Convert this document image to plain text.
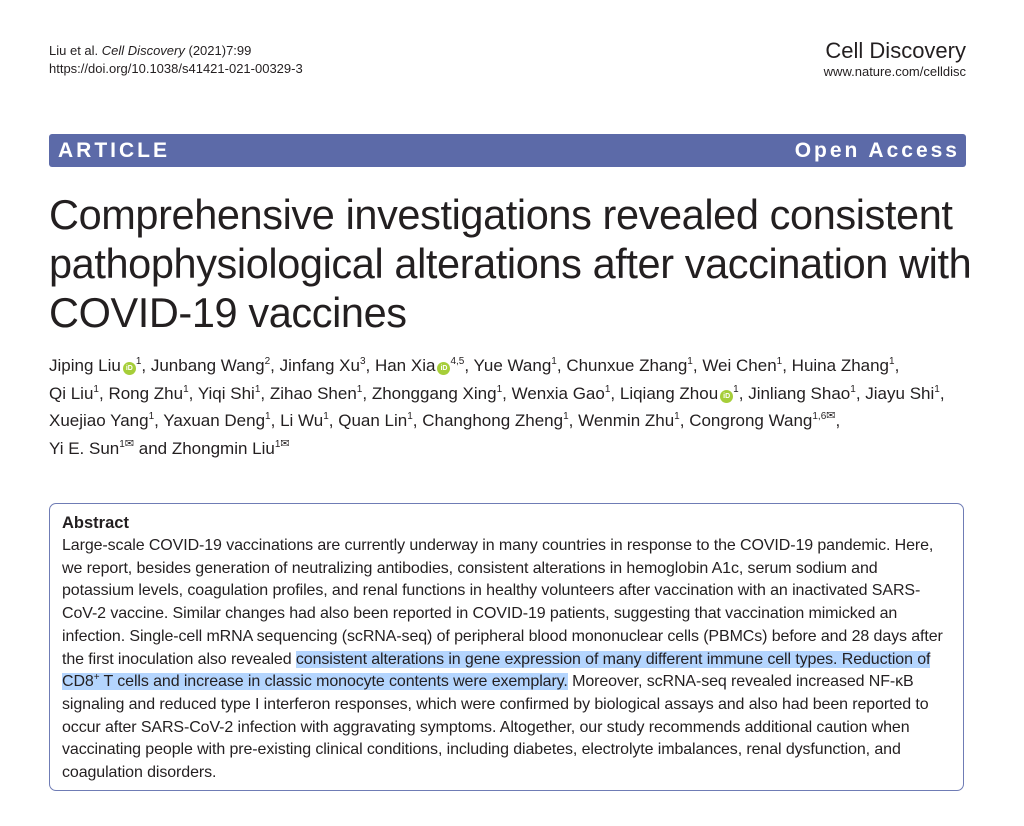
Liu et al. Cell Discovery (2021)7:99
https://doi.org/10.1038/s41421-021-00329-3
Cell Discovery
www.nature.com/celldisc
ARTICLE	Open Access
Comprehensive investigations revealed consistent pathophysiological alterations after vaccination with COVID-19 vaccines

Jiping Liu $iD^1$, Junbang Wang$^2$, Jinfang Xu$^3$, Han Xia iD$^{4,5}$, Yue Wang$^1$, Chunxue Zhang$^1$, Wei Chen$^1$, Huina Zhang$^1$,
Qi Liu$^1$, Rong Zhu$^1$, Yiqi Shi$^1$, Zihao Shen$^1$, Zhonggang Xing$^1$, Wenxia Gao$^1$, Liqiang Zhou $iD^1$, Jinliang Shao$^1$, Jiayu Shi$^1$,
Xuejiao Yang$^1$, Yaxuan Deng$^1$, Li Wu$^1$, Quan Lin$^1$, Changhong Zheng$^1$, Wenmin Zhu$^1$, Congrong Wang$^{1,6✉}$,
Yi E. Sun$^{1✉}$ and Zhongmin Liu$^{1✉}$

Abstract

Large-scale COVID-19 vaccinations are currently underway in many countries in response to the COVID-19 pandemic. Here, we report, besides generation of neutralizing antibodies, consistent alterations in hemoglobin A1c, serum sodium and potassium levels, coagulation profiles, and renal functions in healthy volunteers after vaccination with an inactivated SARS-CoV-2 vaccine. Similar changes had also been reported in COVID-19 patients, suggesting that vaccination mimicked an infection. Single-cell mRNA sequencing (scRNA-seq) of peripheral blood mononuclear cells (PBMCs) before and 28 days after the first inoculation also revealed consistent alterations in gene expression of many different immune cell types. Reduction of CD8+ T cells and increase in classic monocyte contents were exemplary. Moreover, scRNA-seq revealed increased NF-κB signaling and reduced type I interferon responses, which were confirmed by biological assays and also had been reported to occur after SARS-CoV-2 infection with aggravating symptoms. Altogether, our study recommends additional caution when vaccinating people with pre-existing clinical conditions, including diabetes, electrolyte imbalances, renal dysfunction, and coagulation disorders.
